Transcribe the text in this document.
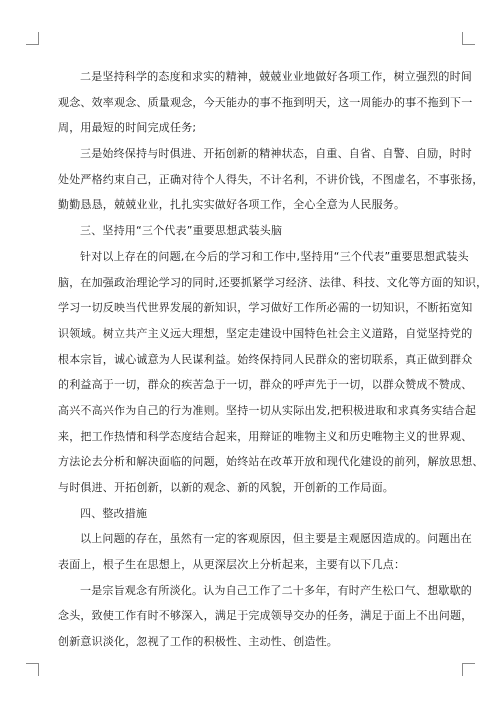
二是坚持科学的态度和求实的精神，兢兢业业地做好各项工作，树立强烈的时间
观念、效率观念、质量观念，今天能办的事不拖到明天，这一周能办的事不拖到下一
周，用最短的时间完成任务;
三是始终保持与时俱进、开拓创新的精神状态，自重、自省、自警、自励，时时
处处严格约束自己，正确对待个人得失，不计名利，不讲价钱，不图虚名，不事张扬，
勤勤恳恳，兢兢业业，扎扎实实做好各项工作，全心全意为人民服务。
三、坚持用“三个代表”重要思想武装头脑
针对以上存在的问题,在今后的学习和工作中,坚持用“三个代表”重要思想武装头
脑，在加强政治理论学习的同时,还要抓紧学习经济、法律、科技、文化等方面的知识，
学习一切反映当代世界发展的新知识，学习做好工作所必需的一切知识，不断拓宽知
识领域。树立共产主义远大理想，坚定走建设中国特色社会主义道路，自觉坚持党的
根本宗旨，诚心诚意为人民谋利益。始终保持同人民群众的密切联系，真正做到群众
的利益高于一切，群众的疾苦急于一切，群众的呼声先于一切，以群众赞成不赞成、
高兴不高兴作为自己的行为准则。坚持一切从实际出发,把积极进取和求真务实结合起
来，把工作热情和科学态度结合起来，用辩证的唯物主义和历史唯物主义的世界观、
方法论去分析和解决面临的问题，始终站在改革开放和现代化建设的前列，解放思想、
与时俱进、开拓创新，以新的观念、新的风貌，开创新的工作局面。
四、整改措施
以上问题的存在，虽然有一定的客观原因，但主要是主观愿因造成的。问题出在
表面上，根子生在思想上，从更深层次上分析起来，主要有以下几点：
一是宗旨观念有所淡化。认为自己工作了二十多年，有时产生松口气、想歇歇的
念头，致使工作有时不够深入，满足于完成领导交办的任务，满足于面上不出问题，
创新意识淡化，忽视了工作的积极性、主动性、创造性。
